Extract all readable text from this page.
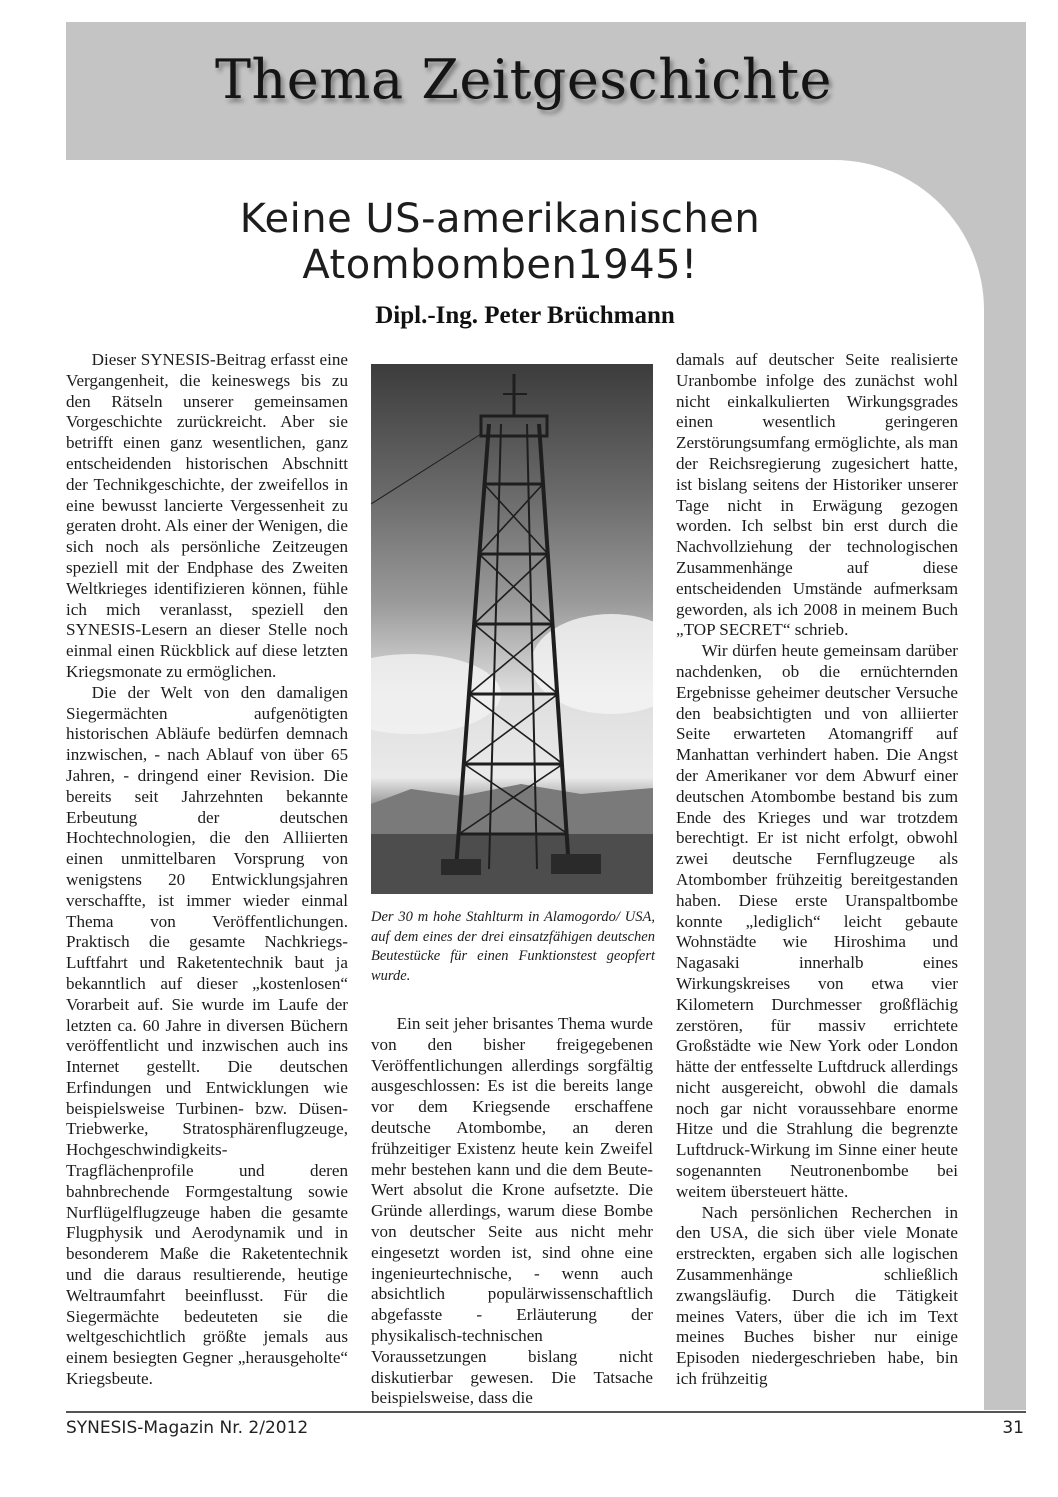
Thema Zeitgeschichte
Keine US-amerikanischen Atombomben1945!

Dipl.-Ing. Peter Brüchmann

Dieser SYNESIS-Beitrag erfasst eine Vergangenheit, die keineswegs bis zu den Rätseln unserer gemeinsamen Vorgeschichte zurückreicht. Aber sie betrifft einen ganz wesentlichen, ganz entscheidenden historischen Abschnitt der Technikgeschichte, der zweifellos in eine bewusst lancierte Vergessenheit zu geraten droht. Als einer der Wenigen, die sich noch als persönliche Zeitzeugen speziell mit der Endphase des Zweiten Weltkrieges identifizieren können, fühle ich mich veranlasst, speziell den SYNESIS-Lesern an dieser Stelle noch einmal einen Rückblick auf diese letzten Kriegsmonate zu ermöglichen.

Die der Welt von den damaligen Siegermächten aufgenötigten historischen Abläufe bedürfen demnach inzwischen, - nach Ablauf von über 65 Jahren, - dringend einer Revision. Die bereits seit Jahrzehnten bekannte Erbeutung der deutschen Hochtechnologien, die den Alliierten einen unmittelbaren Vorsprung von wenigstens 20 Entwicklungsjahren verschaffte, ist immer wieder einmal Thema von Veröffentlichungen. Praktisch die gesamte Nachkriegs-Luftfahrt und Raketentechnik baut ja bekanntlich auf dieser „kostenlosen“ Vorarbeit auf. Sie wurde im Laufe der letzten ca. 60 Jahre in diversen Büchern veröffentlicht und inzwischen auch ins Internet gestellt. Die deutschen Erfindungen und Entwicklungen wie beispielsweise Turbinen- bzw. Düsen-Triebwerke, Stratosphärenflugzeuge, Hochgeschwindigkeits-Tragflächenprofile und deren bahnbrechende Formgestaltung sowie Nurflügelflugzeuge haben die gesamte Flugphysik und Aerodynamik und in besonderem Maße die Raketentechnik und die daraus resultierende, heutige Weltraumfahrt beeinflusst. Für die Siegermächte bedeuteten sie die weltgeschichtlich größte jemals aus einem besiegten Gegner „herausgeholte“ Kriegsbeute.

Der 30 m hohe Stahlturm in Alamogordo/ USA, auf dem eines der drei einsatzfähigen deutschen Beutestücke für einen Funktionstest geopfert wurde.

Ein seit jeher brisantes Thema wurde von den bisher freigegebenen Veröffentlichungen allerdings sorgfältig ausgeschlossen: Es ist die bereits lange vor dem Kriegsende erschaffene deutsche Atombombe, an deren frühzeitiger Existenz heute kein Zweifel mehr bestehen kann und die dem Beute-Wert absolut die Krone aufsetzte. Die Gründe allerdings, warum diese Bombe von deutscher Seite aus nicht mehr eingesetzt worden ist, sind ohne eine ingenieurtechnische, - wenn auch absichtlich populärwissenschaftlich abgefasste - Erläuterung der physikalisch-technischen Voraussetzungen bislang nicht diskutierbar gewesen. Die Tatsache beispielsweise, dass die

damals auf deutscher Seite realisierte Uranbombe infolge des zunächst wohl nicht einkalkulierten Wirkungsgrades einen wesentlich geringeren Zerstörungsumfang ermöglichte, als man der Reichsregierung zugesichert hatte, ist bislang seitens der Historiker unserer Tage nicht in Erwägung gezogen worden. Ich selbst bin erst durch die Nachvollziehung der technologischen Zusammenhänge auf diese entscheidenden Umstände aufmerksam geworden, als ich 2008 in meinem Buch „TOP SECRET“ schrieb.

Wir dürfen heute gemeinsam darüber nachdenken, ob die ernüchternden Ergebnisse geheimer deutscher Versuche den beabsichtigten und von alliierter Seite erwarteten Atomangriff auf Manhattan verhindert haben. Die Angst der Amerikaner vor dem Abwurf einer deutschen Atombombe bestand bis zum Ende des Krieges und war trotzdem berechtigt. Er ist nicht erfolgt, obwohl zwei deutsche Fernflugzeuge als Atombomber frühzeitig bereitgestanden haben. Diese erste Uranspaltbombe konnte „lediglich“ leicht gebaute Wohnstädte wie Hiroshima und Nagasaki innerhalb eines Wirkungskreises von etwa vier Kilometern Durchmesser großflächig zerstören, für massiv errichtete Großstädte wie New York oder London hätte der entfesselte Luftdruck allerdings nicht ausgereicht, obwohl die damals noch gar nicht voraussehbare enorme Hitze und die Strahlung die begrenzte Luftdruck-Wirkung im Sinne einer heute sogenannten Neutronenbombe bei weitem übersteuert hätte.

Nach persönlichen Recherchen in den USA, die sich über viele Monate erstreckten, ergaben sich alle logischen Zusammenhänge schließlich zwangsläufig. Durch die Tätigkeit meines Vaters, über die ich im Text meines Buches bisher nur einige Episoden niedergeschrieben habe, bin ich frühzeitig

SYNESIS-Magazin Nr. 2/2012	31
